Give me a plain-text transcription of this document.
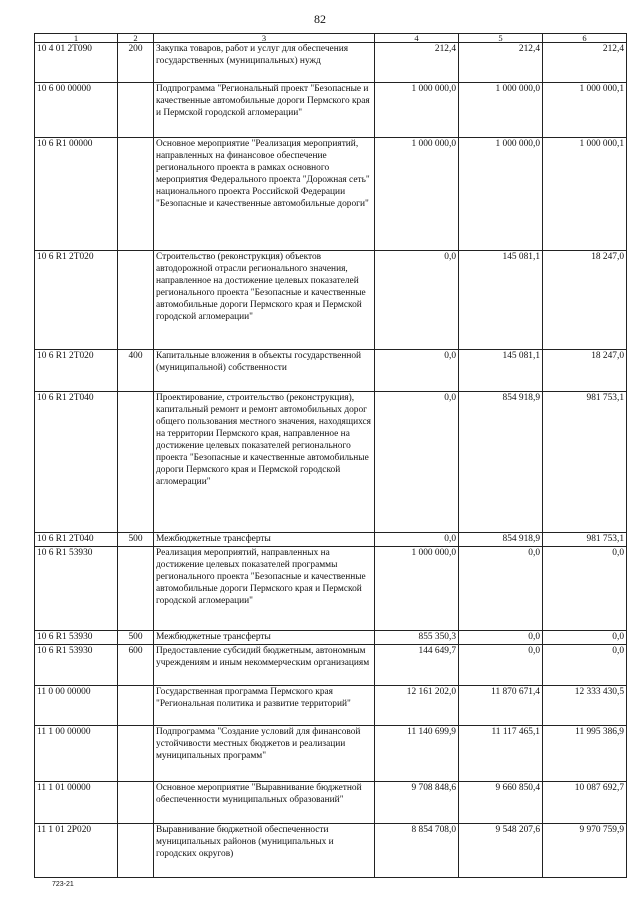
82
1	2	3	4	5	6
10 4 01 2T090	200	Закупка товаров, работ и услуг для обеспечения государственных (муниципальных) нужд	212,4	212,4	212,4
10 6 00 00000		Подпрограмма "Региональный проект "Безопасные и качественные автомобильные дороги Пермского края и Пермской городской агломерации"	1 000 000,0	1 000 000,0	1 000 000,1
10 6 R1 00000		Основное мероприятие "Реализация мероприятий, направленных на финансовое обеспечение регионального проекта в рамках основного мероприятия Федерального проекта "Дорожная сеть" национального проекта Российской Федерации "Безопасные и качественные автомобильные дороги"	1 000 000,0	1 000 000,0	1 000 000,1
10 6 R1 2T020		Строительство (реконструкция) объектов автодорожной отрасли регионального значения, направленное на достижение целевых показателей регионального проекта "Безопасные и качественные автомобильные дороги Пермского края и Пермской городской агломерации"	0,0	145 081,1	18 247,0
10 6 R1 2T020	400	Капитальные вложения в объекты государственной (муниципальной) собственности	0,0	145 081,1	18 247,0
10 6 R1 2T040		Проектирование, строительство (реконструкция), капитальный ремонт и ремонт автомобильных дорог общего пользования местного значения, находящихся на территории Пермского края, направленное на достижение целевых показателей регионального проекта "Безопасные и качественные автомобильные дороги Пермского края и Пермской городской агломерации"	0,0	854 918,9	981 753,1
10 6 R1 2T040	500	Межбюджетные трансферты	0,0	854 918,9	981 753,1
10 6 R1 53930		Реализация мероприятий, направленных на достижение целевых показателей программы регионального проекта "Безопасные и качественные автомобильные дороги Пермского края и Пермской городской агломерации"	1 000 000,0	0,0	0,0
10 6 R1 53930	500	Межбюджетные трансферты	855 350,3	0,0	0,0
10 6 R1 53930	600	Предоставление субсидий бюджетным, автономным учреждениям и иным некоммерческим организациям	144 649,7	0,0	0,0
11 0 00 00000		Государственная программа Пермского края "Региональная политика и развитие территорий"	12 161 202,0	11 870 671,4	12 333 430,5
11 1 00 00000		Подпрограмма "Создание условий для финансовой устойчивости местных бюджетов и реализации муниципальных программ"	11 140 699,9	11 117 465,1	11 995 386,9
11 1 01 00000		Основное мероприятие "Выравнивание бюджетной обеспеченности муниципальных образований"	9 708 848,6	9 660 850,4	10 087 692,7
11 1 01 2P020		Выравнивание бюджетной обеспеченности муниципальных районов (муниципальных и городских округов)	8 854 708,0	9 548 207,6	9 970 759,9
723-21
